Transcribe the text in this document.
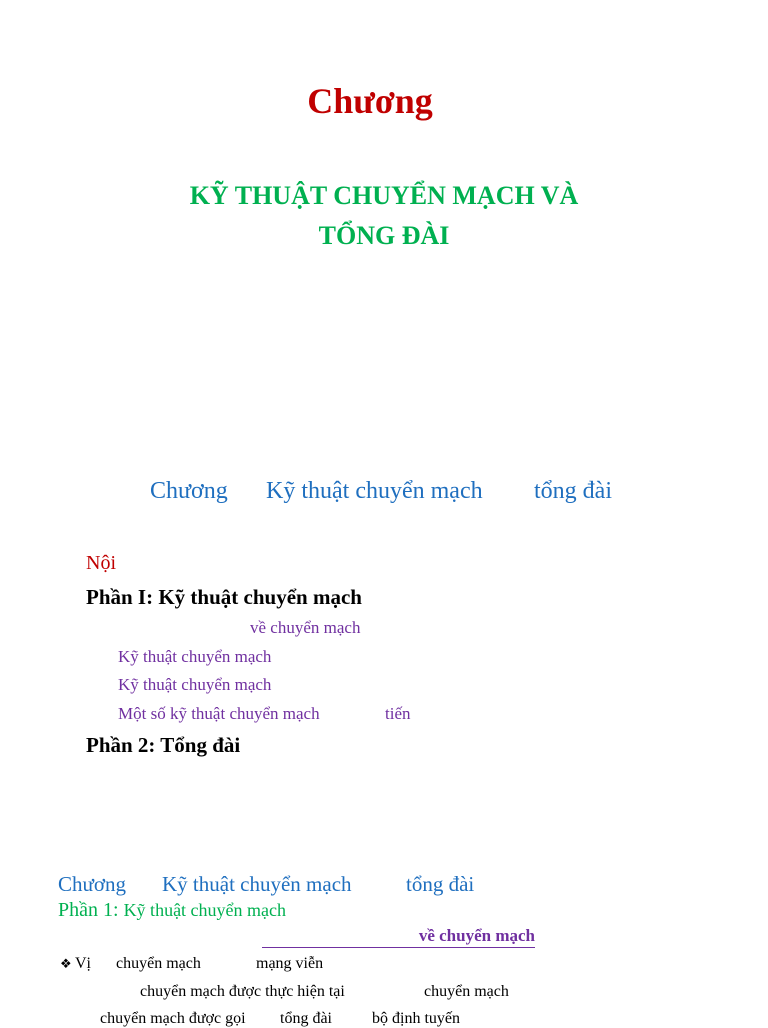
Chương
KỸ THUẬT CHUYỂN MẠCH VÀ
TỔNG ĐÀI
Chương Kỹ thuật chuyển mạch tổng đài
Nội
Phần I: Kỹ thuật chuyển mạch
về chuyển mạch
Kỹ thuật chuyển mạch
Kỹ thuật chuyển mạch
Một số kỹ thuật chuyển mạch	tiến
Phần 2: Tổng đài
Chương Kỹ thuật chuyển mạch	tổng đài
Phần 1: Kỹ thuật chuyển mạch
về chuyển mạch
❖ Vị chuyển mạch	mạng viễn
chuyển mạch được thực hiện tại	chuyển mạch
chuyển mạch được gọi tổng đài	bộ định tuyến
